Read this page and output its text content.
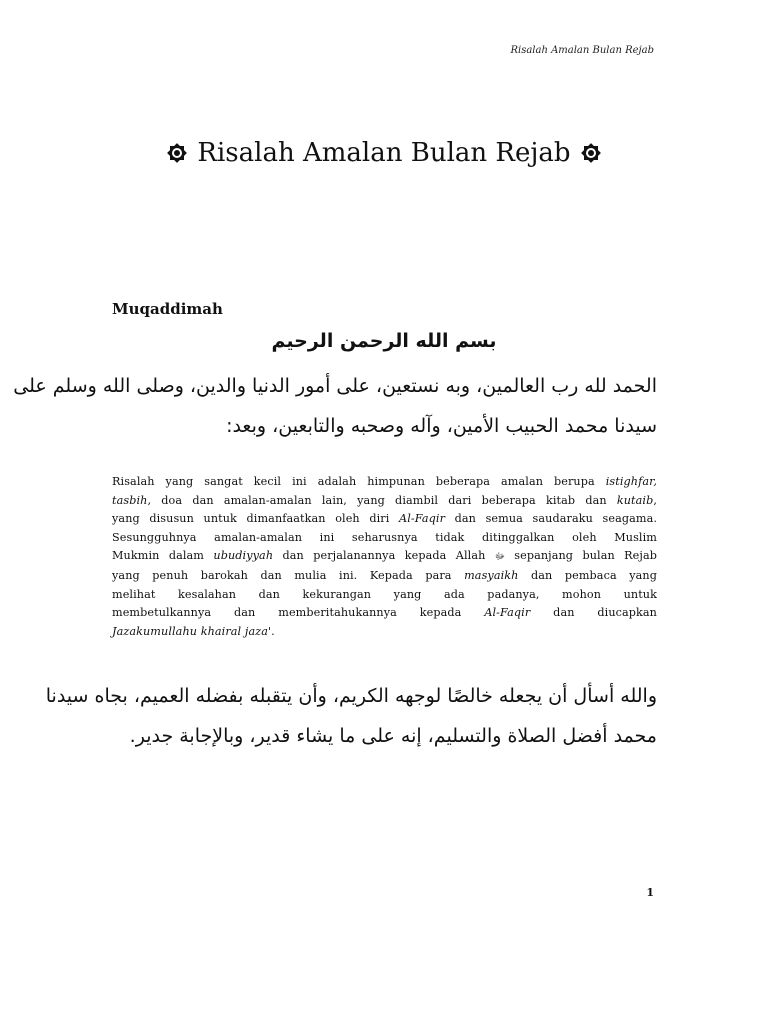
Risalah Amalan Bulan Rejab
Risalah Amalan Bulan Rejab
Muqaddimah
بسم الله الرحمن الرحيم
الحمد لله رب العالمين، وبه نستعين، على أمور الدنيا والدين، وصلى الله وسلم على
سيدنا محمد الحبيب الأمين، وآله وصحبه والتابعين، وبعد:
Risalah yang sangat kecil ini adalah himpunan beberapa amalan berupa istighfar,
tasbih, doa dan amalan-amalan lain, yang diambil dari beberapa kitab dan kutaib,
yang disusun untuk dimanfaatkan oleh diri Al-Faqir dan semua saudaraku seagama.
Sesungguhnya amalan-amalan ini seharusnya tidak ditinggalkan oleh Muslim
Mukmin dalam ubudiyyah dan perjalanannya kepada Allah ﷻ sepanjang bulan Rejab
yang penuh barokah dan mulia ini. Kepada para masyaikh dan pembaca yang
melihat kesalahan dan kekurangan yang ada padanya, mohon untuk
membetulkannya dan memberitahukannya kepada Al-Faqir dan diucapkan
Jazakumullahu khairal jaza'.
والله أسأل أن يجعله خالصًا لوجهه الكريم، وأن يتقبله بفضله العميم، بجاه سيدنا
محمد أفضل الصلاة والتسليم، إنه على ما يشاء قدير، وبالإجابة جدير.
1
